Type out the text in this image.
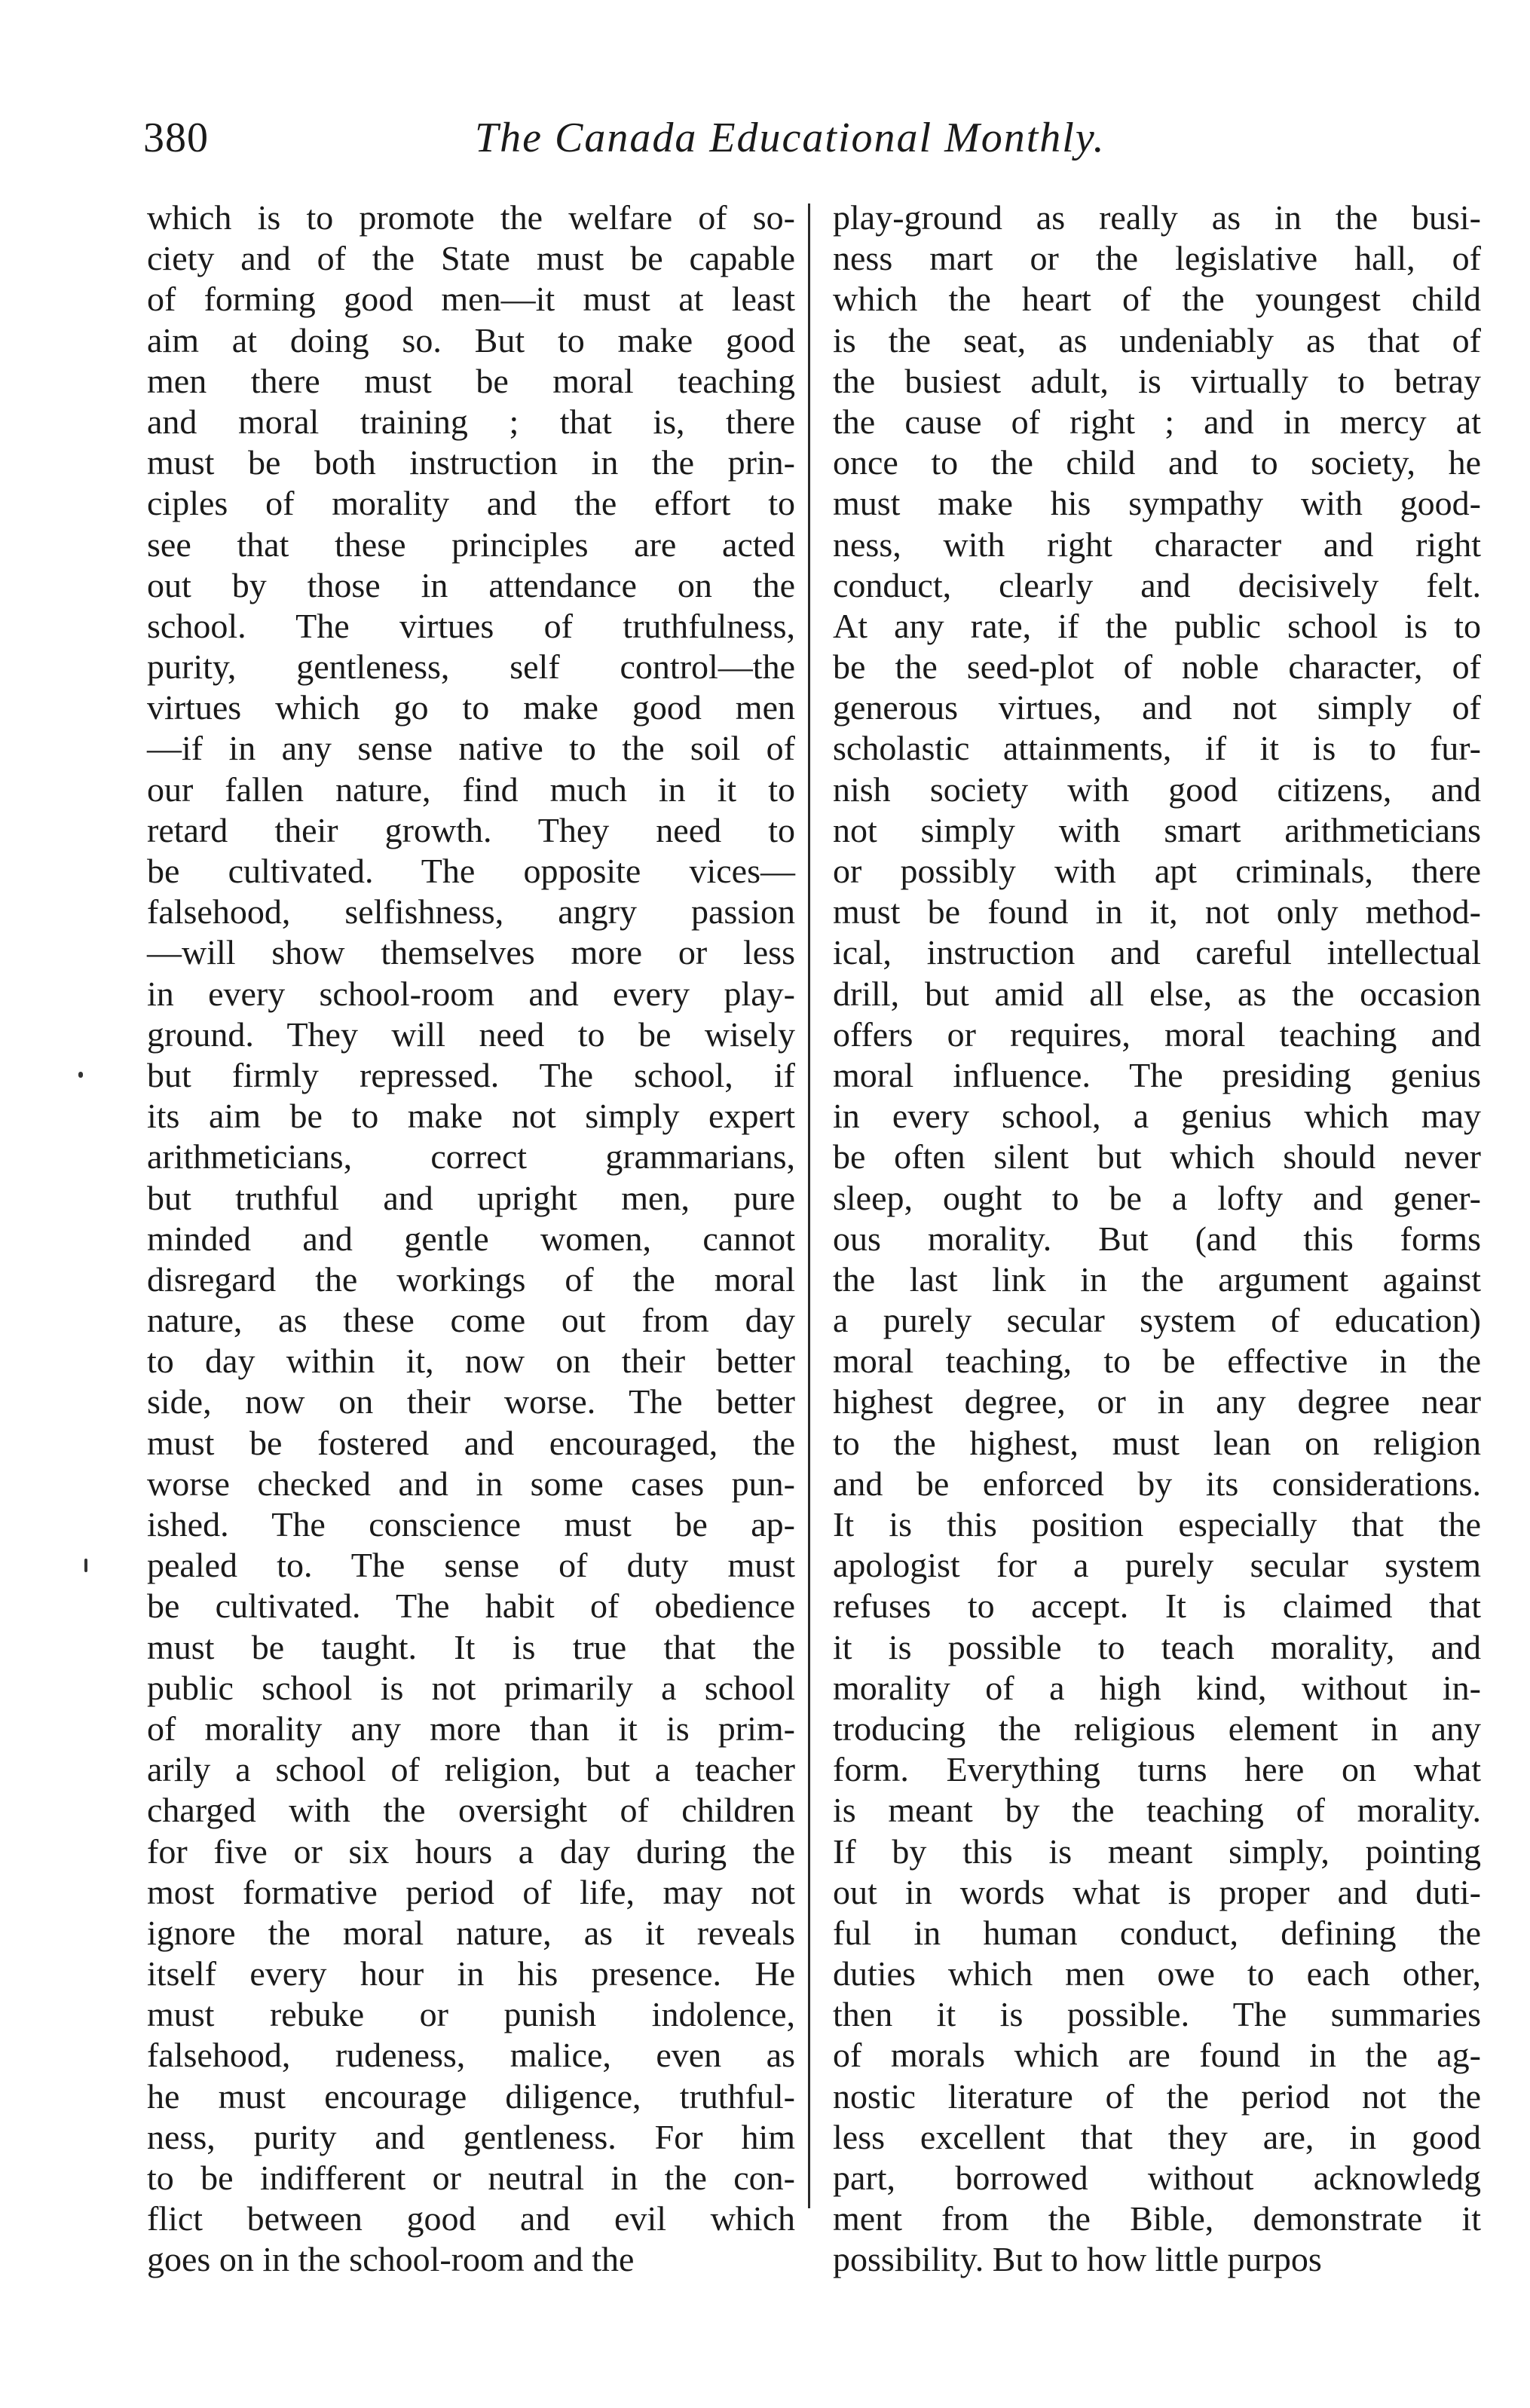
380	The Canada Educational Monthly.
which is to promote the welfare of so-
ciety and of the State must be capable
of forming good men—it must at least
aim at doing so. But to make good
men there must be moral teaching
and moral training ; that is, there
must be both instruction in the prin-
ciples of morality and the effort to
see that these principles are acted
out by those in attendance on the
school. The virtues of truthfulness,
purity, gentleness, self control—the
virtues which go to make good men
—if in any sense native to the soil of
our fallen nature, find much in it to
retard their growth. They need to
be cultivated. The opposite vices—
falsehood, selfishness, angry passion
—will show themselves more or less
in every school-room and every play-
ground. They will need to be wisely
but firmly repressed. The school, if
its aim be to make not simply expert
arithmeticians, correct grammarians,
but truthful and upright men, pure
minded and gentle women, cannot
disregard the workings of the moral
nature, as these come out from day
to day within it, now on their better
side, now on their worse. The better
must be fostered and encouraged, the
worse checked and in some cases pun-
ished. The conscience must be ap-
pealed to. The sense of duty must
be cultivated. The habit of obedience
must be taught. It is true that the
public school is not primarily a school
of morality any more than it is prim-
arily a school of religion, but a teacher
charged with the oversight of children
for five or six hours a day during the
most formative period of life, may not
ignore the moral nature, as it reveals
itself every hour in his presence. He
must rebuke or punish indolence,
falsehood, rudeness, malice, even as
he must encourage diligence, truthful-
ness, purity and gentleness. For him
to be indifferent or neutral in the con-
flict between good and evil which
goes on in the school-room and the
play-ground as really as in the busi-
ness mart or the legislative hall, of
which the heart of the youngest child
is the seat, as undeniably as that of
the busiest adult, is virtually to betray
the cause of right ; and in mercy at
once to the child and to society, he
must make his sympathy with good-
ness, with right character and right
conduct, clearly and decisively felt.
At any rate, if the public school is to
be the seed-plot of noble character, of
generous virtues, and not simply of
scholastic attainments, if it is to fur-
nish society with good citizens, and
not simply with smart arithmeticians
or possibly with apt criminals, there
must be found in it, not only method-
ical, instruction and careful intellectual
drill, but amid all else, as the occasion
offers or requires, moral teaching and
moral influence. The presiding genius
in every school, a genius which may
be often silent but which should never
sleep, ought to be a lofty and gener-
ous morality. But (and this forms
the last link in the argument against
a purely secular system of education)
moral teaching, to be effective in the
highest degree, or in any degree near
to the highest, must lean on religion
and be enforced by its considerations.
It is this position especially that the
apologist for a purely secular system
refuses to accept. It is claimed that
it is possible to teach morality, and
morality of a high kind, without in-
troducing the religious element in any
form. Everything turns here on what
is meant by the teaching of morality.
If by this is meant simply, pointing
out in words what is proper and duti-
ful in human conduct, defining the
duties which men owe to each other,
then it is possible. The summaries
of morals which are found in the ag-
nostic literature of the period not the
less excellent that they are, in good
part, borrowed without acknowledg
ment from the Bible, demonstrate it
possibility. But to how little purpos
